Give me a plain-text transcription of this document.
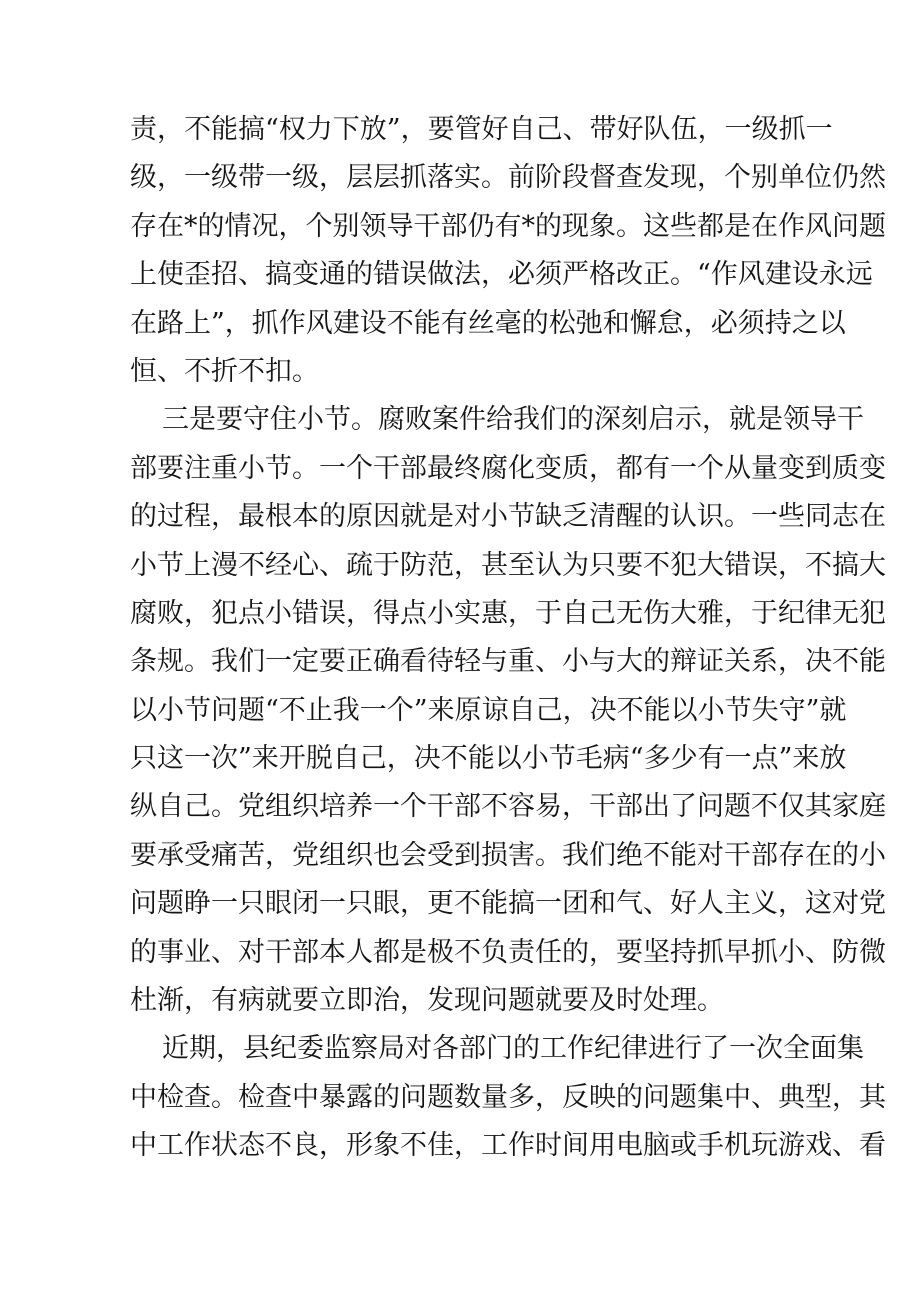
责，不能搞“权力下放”，要管好自己、带好队伍，一级抓一
级，一级带一级，层层抓落实。前阶段督查发现，个别单位仍然
存在*的情况，个别领导干部仍有*的现象。这些都是在作风问题
上使歪招、搞变通的错误做法，必须严格改正。“作风建设永远
在路上”，抓作风建设不能有丝毫的松弛和懈怠，必须持之以
恒、不折不扣。
三是要守住小节。腐败案件给我们的深刻启示，就是领导干
部要注重小节。一个干部最终腐化变质，都有一个从量变到质变
的过程，最根本的原因就是对小节缺乏清醒的认识。一些同志在
小节上漫不经心、疏于防范，甚至认为只要不犯大错误，不搞大
腐败，犯点小错误，得点小实惠，于自己无伤大雅，于纪律无犯
条规。我们一定要正确看待轻与重、小与大的辩证关系，决不能
以小节问题“不止我一个”来原谅自己，决不能以小节失守”就
只这一次”来开脱自己，决不能以小节毛病“多少有一点”来放
纵自己。党组织培养一个干部不容易，干部出了问题不仅其家庭
要承受痛苦，党组织也会受到损害。我们绝不能对干部存在的小
问题睁一只眼闭一只眼，更不能搞一团和气、好人主义，这对党
的事业、对干部本人都是极不负责任的，要坚持抓早抓小、防微
杜渐，有病就要立即治，发现问题就要及时处理。
近期，县纪委监察局对各部门的工作纪律进行了一次全面集
中检查。检查中暴露的问题数量多，反映的问题集中、典型，其
中工作状态不良，形象不佳，工作时间用电脑或手机玩游戏、看
